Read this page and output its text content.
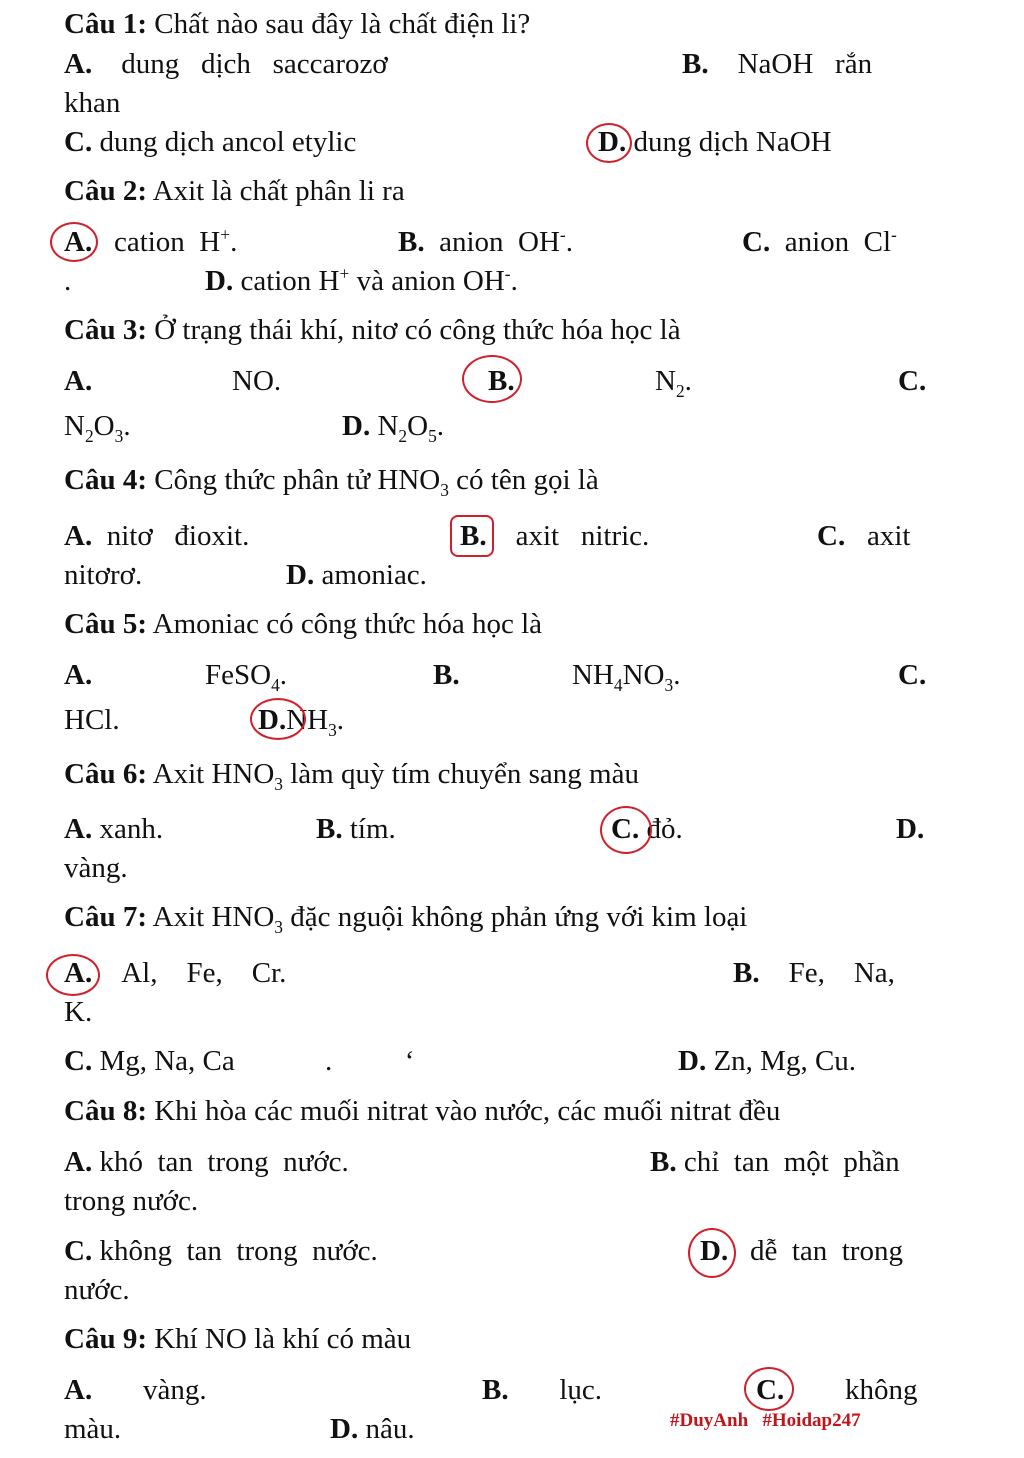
Câu 1: Chất nào sau đây là chất điện li?
A. dung   dịch   saccarozơ	B. NaOH   rắn
khan
C. dung dịch ancol etylic	D. dung dịch NaOH
Câu 2: Axit là chất phân li ra
A. cation  H+.	B. anion  OH-.	C. anion  Cl-
.	D. cation H+ và anion OH-.
Câu 3: Ở trạng thái khí, nitơ có công thức hóa học là
A.	NO.	B.	$N_2$.	C.
$N_2O_3$.	D. $N_2O_5$.
Câu 4: Công thức phân tử $HNO_3$ có tên gọi là
A. nitơ   đioxit.	B. axit   nitric.	C. axit
nitơrơ.	D. amoniac.
Câu 5: Amoniac có công thức hóa học là
A.	FeSO$_4$.	B.	$NH_4NO_3$.	C.
HCl.	$D.NH_3$.
Câu 6: Axit $HNO_3$ làm quỳ tím chuyển sang màu
A. xanh.	B. tím.	C. đỏ.	D.
vàng.
Câu 7: Axit $HNO_3$ đặc nguội không phản ứng với kim loại
A. Al,    Fe,    Cr.	B. Fe,    Na,
K.
C. Mg, Na, Ca	.          ‘	D. Zn, Mg, Cu.
Câu 8: Khi hòa các muối nitrat vào nước, các muối nitrat đều
A. khó  tan  trong  nước.	B. chỉ  tan  một  phần
trong nước.
C. không  tan  trong  nước.	D. dễ  tan  trong
nước.
Câu 9: Khí NO là khí có màu
A. vàng.	B. lục.	C. không
màu.	D. nâu.	#DuyAnh   #Hoidap247
